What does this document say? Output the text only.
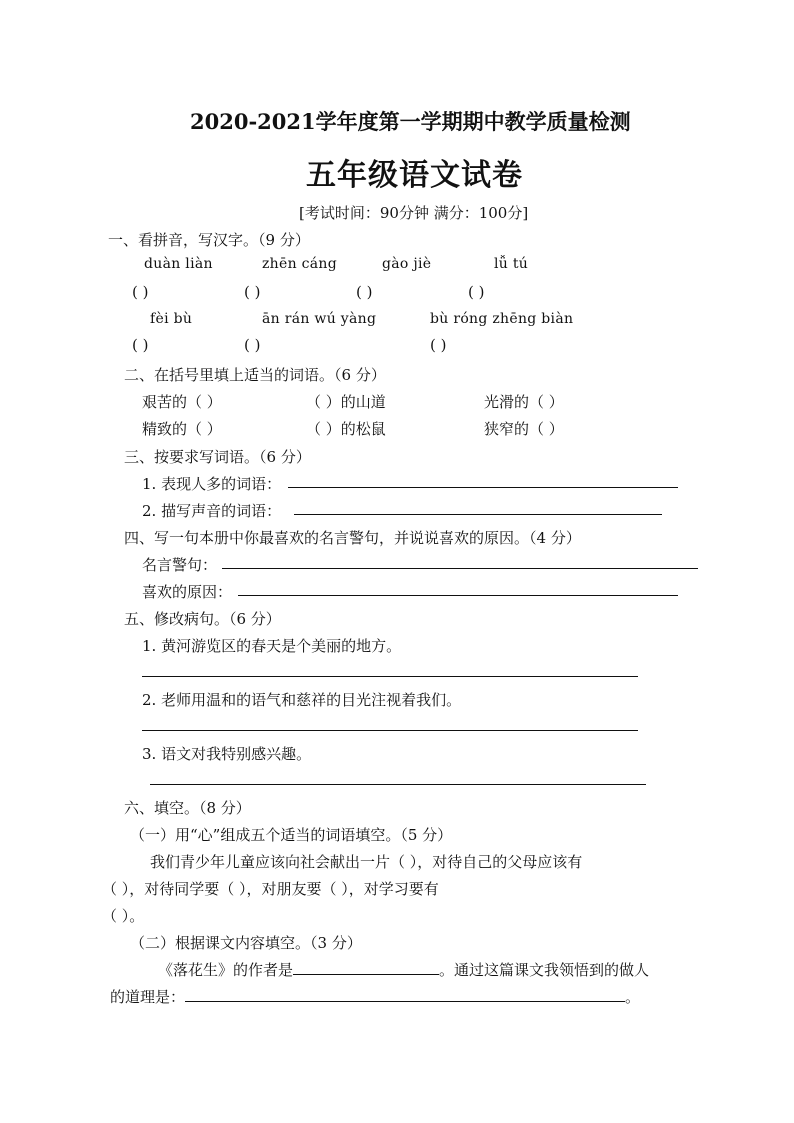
2020-2021学年度第一学期期中教学质量检测
五年级语文试卷
[考试时间：90分钟 满分：100分]
一、看拼音，写汉字。（9 分）
duàn liàn	zhēn cáng	gào jiè	lǚ tú
( )	( )	( )	( )
fèi bù	ān rán wú yàng	bù róng zhēng biàn
( )	( )	( )
二、在括号里填上适当的词语。（6 分）
艰苦的（ ）	（ ）的山道	光滑的（ ）
精致的（ ）	（ ）的松鼠	狭窄的（ ）
三、按要求写词语。（6 分）
1. 表现人多的词语：
2. 描写声音的词语：
四、写一句本册中你最喜欢的名言警句，并说说喜欢的原因。（4 分）
名言警句：
喜欢的原因：
五、修改病句。（6 分）
1. 黄河游览区的春天是个美丽的地方。
2. 老师用温和的语气和慈祥的目光注视着我们。
3. 语文对我特别感兴趣。
六、填空。（8 分）
（一）用“心”组成五个适当的词语填空。（5 分）
我们青少年儿童应该向社会献出一片（ ），对待自己的父母应该有
（ ），对待同学要（ ），对朋友要（ ），对学习要有
（ ）。
（二）根据课文内容填空。（3 分）
《落花生》的作者是	。通过这篇课文我领悟到的做人
的道理是：	。
